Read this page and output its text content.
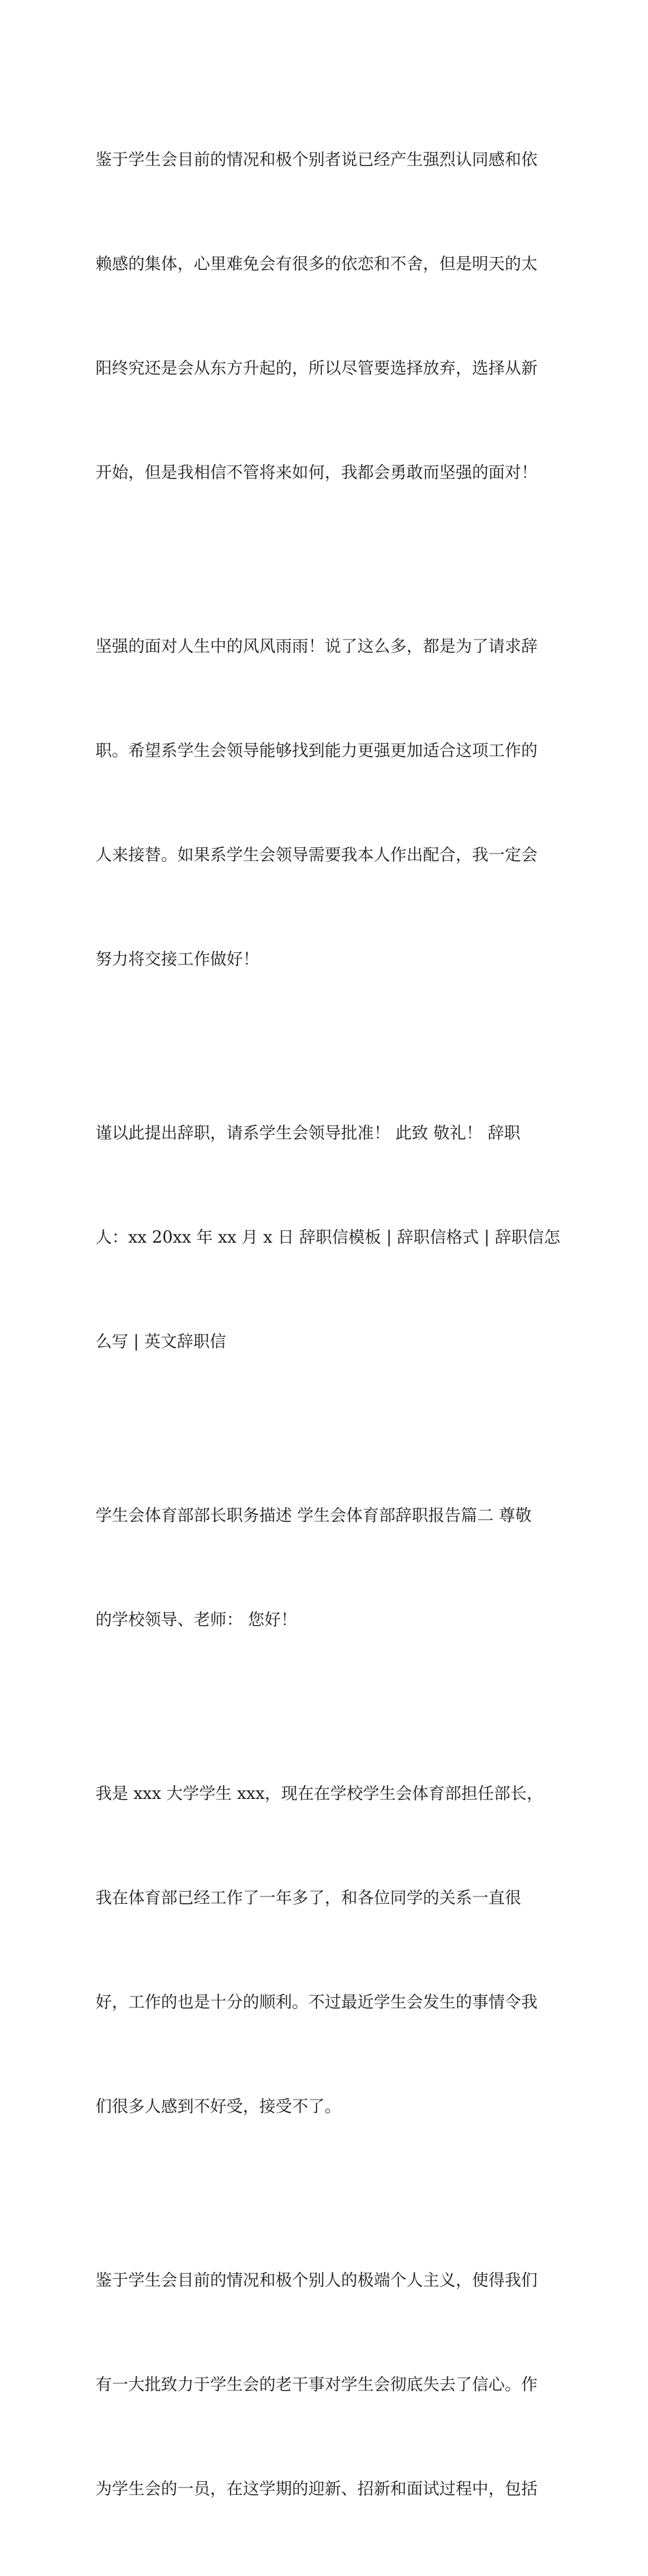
鉴于学生会目前的情况和极个别者说已经产生强烈认同感和依

赖感的集体，心里难免会有很多的依恋和不舍，但是明天的太

阳终究还是会从东方升起的，所以尽管要选择放弃，选择从新

开始，但是我相信不管将来如何，我都会勇敢而坚强的面对！

坚强的面对人生中的风风雨雨！说了这么多，都是为了请求辞

职。希望系学生会领导能够找到能力更强更加适合这项工作的

人来接替。如果系学生会领导需要我本人作出配合，我一定会

努力将交接工作做好！

谨以此提出辞职，请系学生会领导批准！ 此致 敬礼！ 辞职

人：xx 20xx 年 xx 月 x 日 辞职信模板 | 辞职信格式 | 辞职信怎

么写 | 英文辞职信

学生会体育部部长职务描述 学生会体育部辞职报告篇二 尊敬

的学校领导、老师： 您好！

我是 xxx 大学学生 xxx，现在在学校学生会体育部担任部长，

我在体育部已经工作了一年多了，和各位同学的关系一直很

好，工作的也是十分的顺利。不过最近学生会发生的事情令我

们很多人感到不好受，接受不了。

鉴于学生会目前的情况和极个别人的极端个人主义，使得我们

有一大批致力于学生会的老干事对学生会彻底失去了信心。作

为学生会的一员，在这学期的迎新、招新和面试过程中，包括
